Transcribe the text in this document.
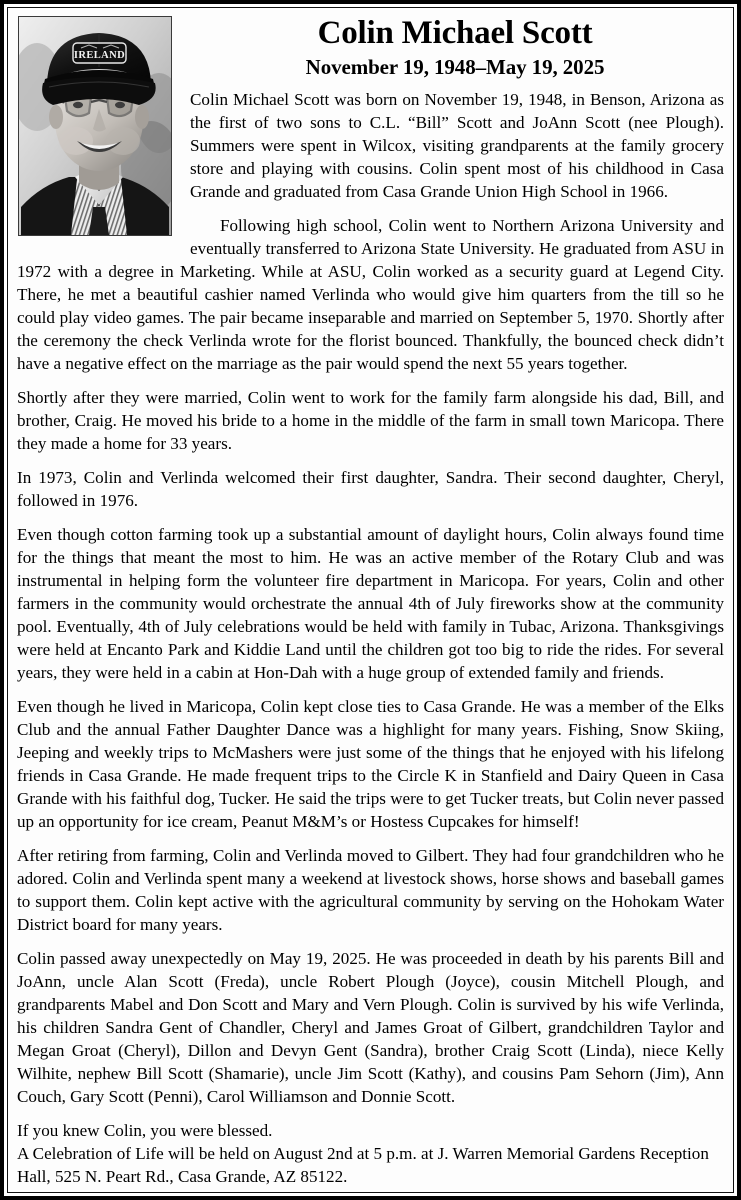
IRELAND
Colin Michael Scott
November 19, 1948–May 19, 2025

Colin Michael Scott was born on November 19, 1948, in Benson, Arizona as the first of two sons to C.L. “Bill” Scott and JoAnn Scott (nee Plough). Summers were spent in Wilcox, visiting grandparents at the family grocery store and playing with cousins. Colin spent most of his childhood in Casa Grande and graduated from Casa Grande Union High School in 1966.

Following high school, Colin went to Northern Arizona University and eventually transferred to Arizona State University. He graduated from ASU in 1972 with a degree in Marketing. While at ASU, Colin worked as a security guard at Legend City. There, he met a beautiful cashier named Verlinda who would give him quarters from the till so he could play video games. The pair became inseparable and married on September 5, 1970. Shortly after the ceremony the check Verlinda wrote for the florist bounced. Thankfully, the bounced check didn’t have a negative effect on the marriage as the pair would spend the next 55 years together.

Shortly after they were married, Colin went to work for the family farm alongside his dad, Bill, and brother, Craig. He moved his bride to a home in the middle of the farm in small town Maricopa. There they made a home for 33 years.

In 1973, Colin and Verlinda welcomed their first daughter, Sandra. Their second daughter, Cheryl, followed in 1976.

Even though cotton farming took up a substantial amount of daylight hours, Colin always found time for the things that meant the most to him. He was an active member of the Rotary Club and was instrumental in helping form the volunteer fire department in Maricopa. For years, Colin and other farmers in the community would orchestrate the annual 4th of July fireworks show at the community pool. Eventually, 4th of July celebrations would be held with family in Tubac, Arizona. Thanksgivings were held at Encanto Park and Kiddie Land until the children got too big to ride the rides. For several years, they were held in a cabin at Hon-Dah with a huge group of extended family and friends.

Even though he lived in Maricopa, Colin kept close ties to Casa Grande. He was a member of the Elks Club and the annual Father Daughter Dance was a highlight for many years. Fishing, Snow Skiing, Jeeping and weekly trips to McMashers were just some of the things that he enjoyed with his lifelong friends in Casa Grande. He made frequent trips to the Circle K in Stanfield and Dairy Queen in Casa Grande with his faithful dog, Tucker. He said the trips were to get Tucker treats, but Colin never passed up an opportunity for ice cream, Peanut M&M’s or Hostess Cupcakes for himself!

After retiring from farming, Colin and Verlinda moved to Gilbert. They had four grandchildren who he adored. Colin and Verlinda spent many a weekend at livestock shows, horse shows and baseball games to support them. Colin kept active with the agricultural community by serving on the Hohokam Water District board for many years.

Colin passed away unexpectedly on May 19, 2025. He was proceeded in death by his parents Bill and JoAnn, uncle Alan Scott (Freda), uncle Robert Plough (Joyce), cousin Mitchell Plough, and grandparents Mabel and Don Scott and Mary and Vern Plough. Colin is survived by his wife Verlinda, his children Sandra Gent of Chandler, Cheryl and James Groat of Gilbert, grandchildren Taylor and Megan Groat (Cheryl), Dillon and Devyn Gent (Sandra), brother Craig Scott (Linda), niece Kelly Wilhite, nephew Bill Scott (Shamarie), uncle Jim Scott (Kathy), and cousins Pam Sehorn (Jim), Ann Couch, Gary Scott (Penni), Carol Williamson and Donnie Scott.

If you knew Colin, you were blessed.

A Celebration of Life will be held on August 2nd at 5 p.m. at J. Warren Memorial Gardens Reception Hall, 525 N. Peart Rd., Casa Grande, AZ 85122.
